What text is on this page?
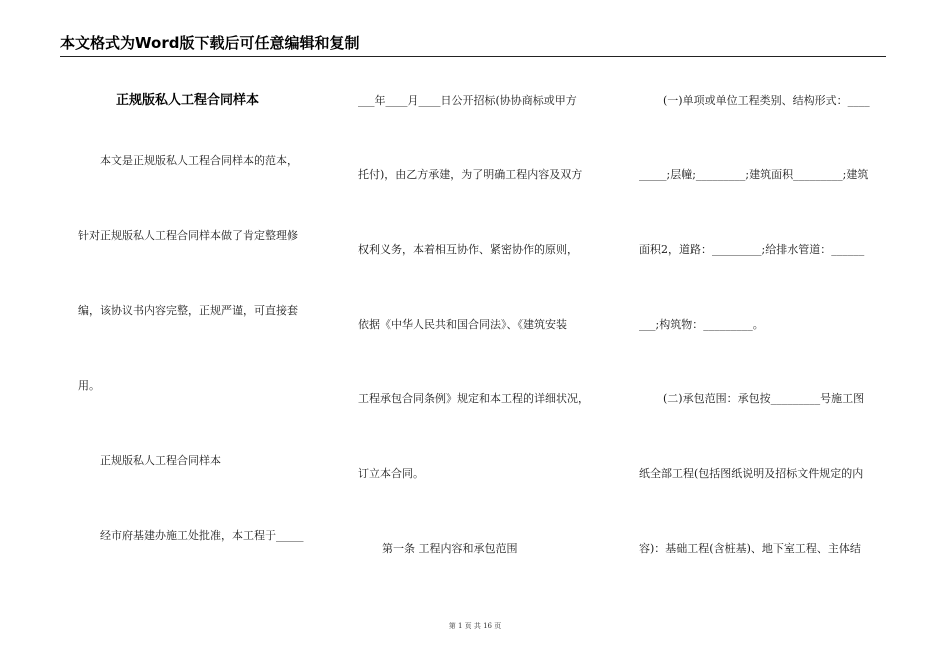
本文格式为Word版下载后可任意编辑和复制
正规版私人工程合同样本
本文是正规版私人工程合同样本的范本，
针对正规版私人工程合同样本做了肯定整理修
编，该协议书内容完整，正规严谨，可直接套
用。
正规版私人工程合同样本
经市府基建办施工处批准，本工程于_____
___年____月____日公开招标(协协商标或甲方
托付)，由乙方承建，为了明确工程内容及双方
权利义务，本着相互协作、紧密协作的原则，
依据《中华人民共和国合同法》、《建筑安装
工程承包合同条例》规定和本工程的详细状况，
订立本合同。
第一条 工程内容和承包范围
(一)单项或单位工程类别、结构形式：____
_____;层幢;_________;建筑面积_________;建筑
面积2，道路：_________;给排水管道：______
___;构筑物：_________。
(二)承包范围：承包按_________号施工图
纸全部工程(包括图纸说明及招标文件规定的内
容)：基础工程(含桩基)、地下室工程、主体结
第 1 页 共 16 页
